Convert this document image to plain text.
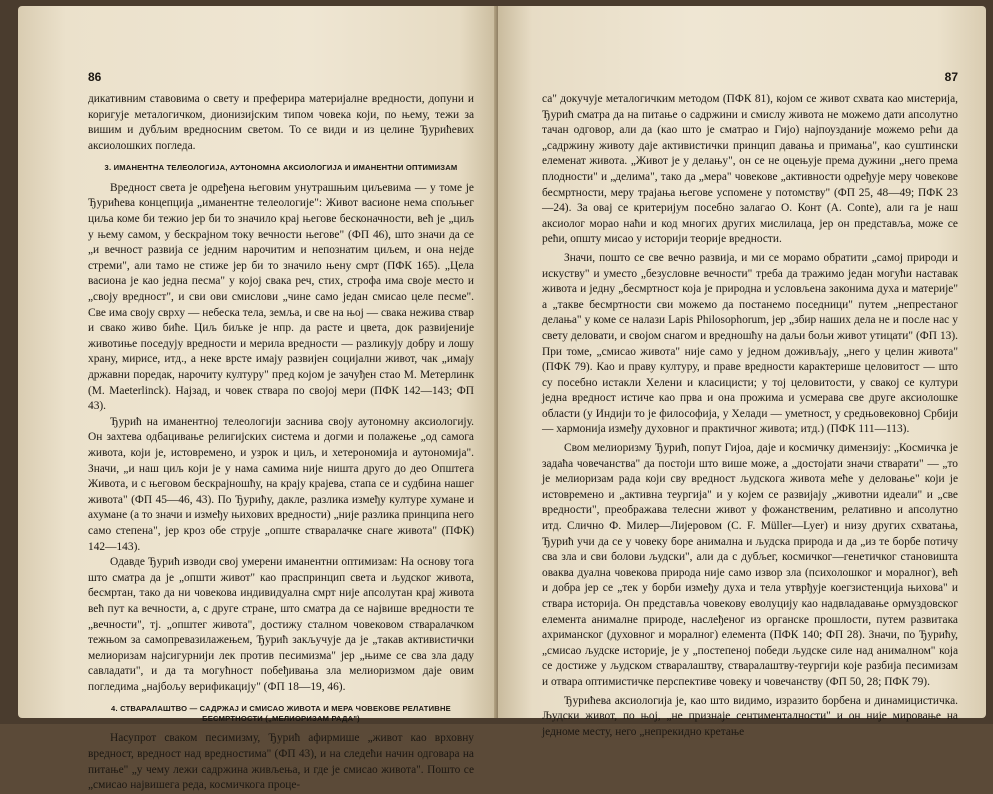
86

дикативним ставовима о свету и преферира материјалне вредности, допуни и коригује металогичком, дионизијским типом човека који, по њему, тежи за вишим и дубљим вредносним светом. То се види и из целине Ђурићевих аксиолошких погледа.

3. ИМАНЕНТНА ТЕЛЕОЛОГИЈА, АУТОНОМНА АКСИОЛОГИЈА И ИМАНЕНТНИ ОПТИМИЗАМ

Вредност света је одређена његовим унутрашњим циљевима — у томе је Ђурићева концепција „иманентне телеологије": Живот васионе нема спољњег циља коме би тежио јер би то значило крај његове бесконачности, већ је „циљ у њему самом, у бескрајном току вечности његове" (ФП 46), што значи да се „и вечност развија се једним нарочитим и непознатим циљем, и она нејде стреми", али тамо не стиже јер би то значило њену смрт (ПФК 165). „Цела васиона је као једна песма" у којој свака реч, стих, строфа има своје место и „своју вредност", и сви ови смислови „чине само један смисао целе песме". Све има своју сврху — небеска тела, земља, и све на њој — свака нежива ствар и свако живо биће. Циљ биљке је нпр. да расте и цвета, док развијеније животиње поседују вредности и мерила вредности — разликују добру и лошу храну, мирисе, итд., а неке врсте имају развијен социјални живот, чак „имају државни поредак, нарочиту културу" пред којом је зачуђен стао М. Метерлинк (M. Maeterlinck). Најзад, и човек ствара по својој мери (ПФК 142—143; ФП 43).

Ђурић на иманентној телеологији заснива своју аутономну аксиологију. Он захтева одбацивање религијских система и догми и полажење „од самога живота, који је, истовремено, и узрок и циљ, и хетерономија и аутономија". Значи, „и наш циљ који је у нама самима није ништа друго до део Општега Живота, и с његовом бескрајношћу, на крају крајева, стапа се и судбина нашег живота" (ФП 45—46, 43). По Ђурићу, дакле, разлика између културе хумане и ахумане (а то значи и између њихових вредности) „није разлика принципа него само степена", јер кроз обе струје „опште стваралачке снаге живота" (ПФК) 142—143).

Одавде Ђурић изводи свој умерени иманентни оптимизам: На основу тога што сматра да је „општи живот" као праспринцип света и људског живота, бесмртан, тако да ни човекова индивидуална смрт није апсолутан крај живота већ пут ка вечности, а, с друге стране, што сматра да се највише вредности те „вечности", тј. „општег живота", достижу сталном човековом стваралачком тежњом за самопревазилажењем, Ђурић закључује да је „такав активистички мелиоризам најсигурнији лек против песимизма" јер „њиме се сва зла даду савладати", и да та могућност побеђивања зла мелиоризмом даје овим погледима „најбољу верификацију" (ФП 18—19, 46).

4. СТВАРАЛАШТВО — САДРЖАЈ И СМИСАО ЖИВОТА И МЕРА ЧОВЕКОВЕ РЕЛАТИВНЕ БЕСМРТНОСТИ („МЕЛИОРИЗАМ РАДА")

Насупрот сваком песимизму, Ђурић афирмише „живот као врховну вредност, вредност над вредностима" (ФП 43), и на следећи начин одговара на питање" „у чему лежи садржина живљења, и где је смисао живота". Пошто се „смисао највишега реда, космичкога проце-

87

са" докучује металогичким методом (ПФК 81), којом се живот схвата као мистерија, Ђурић сматра да на питање о садржини и смислу живота не можемо дати апсолутно тачан одговор, али да (као што је сматрао и Гијо) најпоузданије можемо рећи да „садржину животу даје активистички принцип давања и примања", као суштински елеменат живота. „Живот је у делању", он се не оцењује према дужини „него према плодности" и „делима", тако да „мера" човекове „активности одређује меру човекове бесмртности, меру трајања његове успомене у потомству" (ФП 25, 48—49; ПФК 23—24). За овај се критеријум посебно залагао О. Конт (A. Conte), али га је наш аксиолог морао наћи и код многих других мислилаца, јер он представља, може се рећи, општу мисао у историји теорије вредности.

Значи, пошто се све вечно развија, и ми се морамо обратити „самој природи и искуству" и уместо „безусловне вечности" треба да тражимо један могући наставак живота и једну „бесмртност која је природна и условљена законима духа и материје" а „такве бесмртности сви можемо да постанемо поседници" путем „непрестаног делања" у коме се налази Lapis Philosophorum, јер „збир наших дела не и после нас у свету деловати, и својом снагом и вредношћу на даљи бољи живот утицати" (ФП 13). При томе, „смисао живота" није само у једном доживљају, „него у целин живота" (ПФК 79). Као и праву културу, и праве вредности карактерише целовитост — што су посебно истакли Хелени и класицисти; у тој целовитости, у свакој се култури једна вредност истиче као прва и она прожима и усмерава све друге аксиолошке области (у Индији то је философија, у Хелади — уметност, у средњовековној Србији — хармонија између духовног и практичног живота; итд.) (ПФК 111—113).

Свом мелиоризму Ђурић, попут Гијоа, даје и космичку димензију: „Космичка је задаћа човечанства" да постоји што више може, а „достојати значи стварати" — „то је мелиоризам рада који сву вредност људскога живота меће у деловање" који је истовремено и „активна теургија" и у којем се развијају „животни идеали" и „све вредности", преображава телесни живот у фожанственим, релативно и апсолутно итд. Слично Ф. Милер—Лијеровом (C. F. Müller—Lyer) и низу других схватања, Ђурић учи да се у човеку боре анимална и људска природа и да „из те борбе потичу сва зла и сви болови људски", али да с дубљег, космичког—генетичког становишта оваква дуална човекова природа није само извор зла (психолошког и моралног), већ и добра јер се „тек у борби између духа и тела утврђује коегзистенција њихова" и ствара историја. Он представља човекову еволуцију као надвладавање ормуздовског елемента анималне природе, наслеђеног из органске прошлости, путем развитака ахриманског (духовног и моралног) елемента (ПФК 140; ФП 28). Значи, по Ђурићу, „смисао људске историје, је у „постепеној победи људске силе над анималном" која се достиже у људском стваралаштву, стваралаштву-теургији које разбија песимизам и отвара оптимистичке перспективе човеку и човечанству (ФП 50, 28; ПФК 79).

Ђурићева аксиологија је, као што видимо, изразито борбена и динамицистичка. Људски живот, по њој, „не признаје сентименталности" и он није мировање на једноме месту, него „непрекидно кретање
